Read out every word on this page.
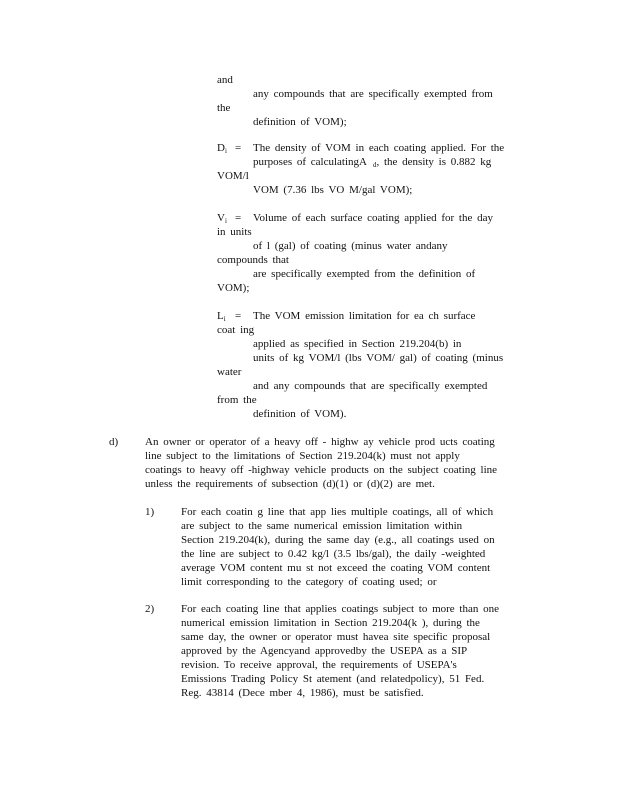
and
any compounds that are specifically exempted from
the
definition of VOM);
$D_i$ = The density of VOM in each coating applied. For the
purposes of calculatingA $_d$, the density is 0.882 kg
VOM/l
VOM (7.36 lbs VO M/gal VOM);
$V_i$ = Volume of each surface coating applied for the day
in units
of l (gal) of coating (minus water andany
compounds that
are specifically exempted from the definition of
VOM);
$L_i$ = The VOM emission limitation for ea ch surface
coat ing
applied as specified in Section 219.204(b) in
units of kg VOM/l (lbs VOM/ gal) of coating (minus
water
and any compounds that are specifically exempted
from the
definition of VOM).
d) An owner or operator of a heavy off - highw ay vehicle prod ucts coating
line subject to the limitations of Section 219.204(k) must not apply
coatings to heavy off -highway vehicle products on the subject coating line
unless the requirements of subsection (d)(1) or (d)(2) are met.
1) For each coatin g line that app lies multiple coatings, all of which
are subject to the same numerical emission limitation within
Section 219.204(k), during the same day (e.g., all coatings used on
the line are subject to 0.42 kg/l (3.5 lbs/gal), the daily -weighted
average VOM content mu st not exceed the coating VOM content
limit corresponding to the category of coating used; or
2) For each coating line that applies coatings subject to more than one
numerical emission limitation in Section 219.204(k ), during the
same day, the owner or operator must havea site specific proposal
approved by the Agencyand approvedby the USEPA as a SIP
revision. To receive approval, the requirements of USEPA's
Emissions Trading Policy St atement (and relatedpolicy), 51 Fed.
Reg. 43814 (Dece mber 4, 1986), must be satisfied.
